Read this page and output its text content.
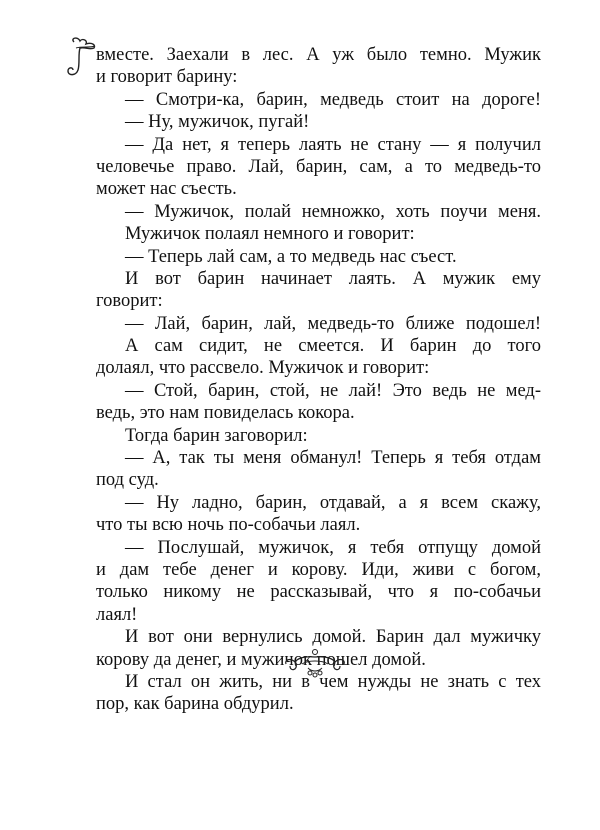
вместе. Заехали в лес. А уж было темно. Мужик
и говорит барину:
— Смотри-ка, барин, медведь стоит на дороге!
— Ну, мужичок, пугай!
— Да нет, я теперь лаять не стану — я получил
человечье право. Лай, барин, сам, а то медведь-то
может нас съесть.
— Мужичок, полай немножко, хоть поучи меня.
Мужичок полаял немного и говорит:
— Теперь лай сам, а то медведь нас съест.
И вот барин начинает лаять. А мужик ему
говорит:
— Лай, барин, лай, медведь-то ближе подошел!
А сам сидит, не смеется. И барин до того
долаял, что рассвело. Мужичок и говорит:
— Стой, барин, стой, не лай! Это ведь не мед-
ведь, это нам повиделась кокора.
Тогда барин заговорил:
— А, так ты меня обманул! Теперь я тебя отдам
под суд.
— Ну ладно, барин, отдавай, а я всем скажу,
что ты всю ночь по-собачьи лаял.
— Послушай, мужичок, я тебя отпущу домой
и дам тебе денег и корову. Иди, живи с богом,
только никому не рассказывай, что я по-собачьи
лаял!
И вот они вернулись домой. Барин дал мужичку
корову да денег, и мужичок пошел домой.
И стал он жить, ни в чем нужды не знать с тех
пор, как барина обдурил.
